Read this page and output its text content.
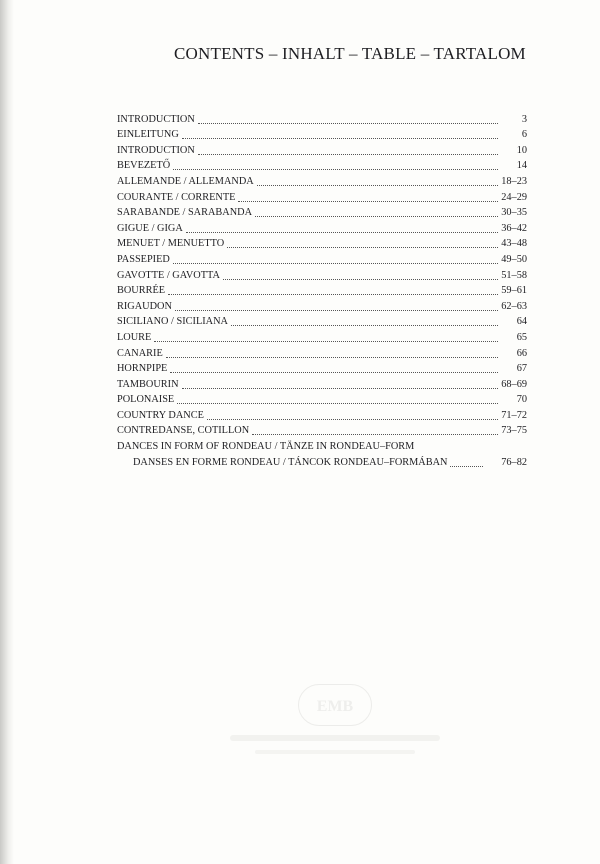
CONTENTS – INHALT – TABLE – TARTALOM
INTRODUCTION	3
EINLEITUNG	6
INTRODUCTION	10
BEVEZETŐ	14
ALLEMANDE / ALLEMANDA	18–23
COURANTE / CORRENTE	24–29
SARABANDE / SARABANDA	30–35
GIGUE / GIGA	36–42
MENUET / MENUETTO	43–48
PASSEPIED	49–50
GAVOTTE / GAVOTTA	51–58
BOURRÉE	59–61
RIGAUDON	62–63
SICILIANO / SICILIANA	64
LOURE	65
CANARIE	66
HORNPIPE	67
TAMBOURIN	68–69
POLONAISE	70
COUNTRY DANCE	71–72
CONTREDANSE, COTILLON	73–75
DANCES IN FORM OF RONDEAU / TÄNZE IN RONDEAU–FORM
DANSES EN FORME RONDEAU / TÁNCOK RONDEAU–FORMÁBAN	76–82
EMB
